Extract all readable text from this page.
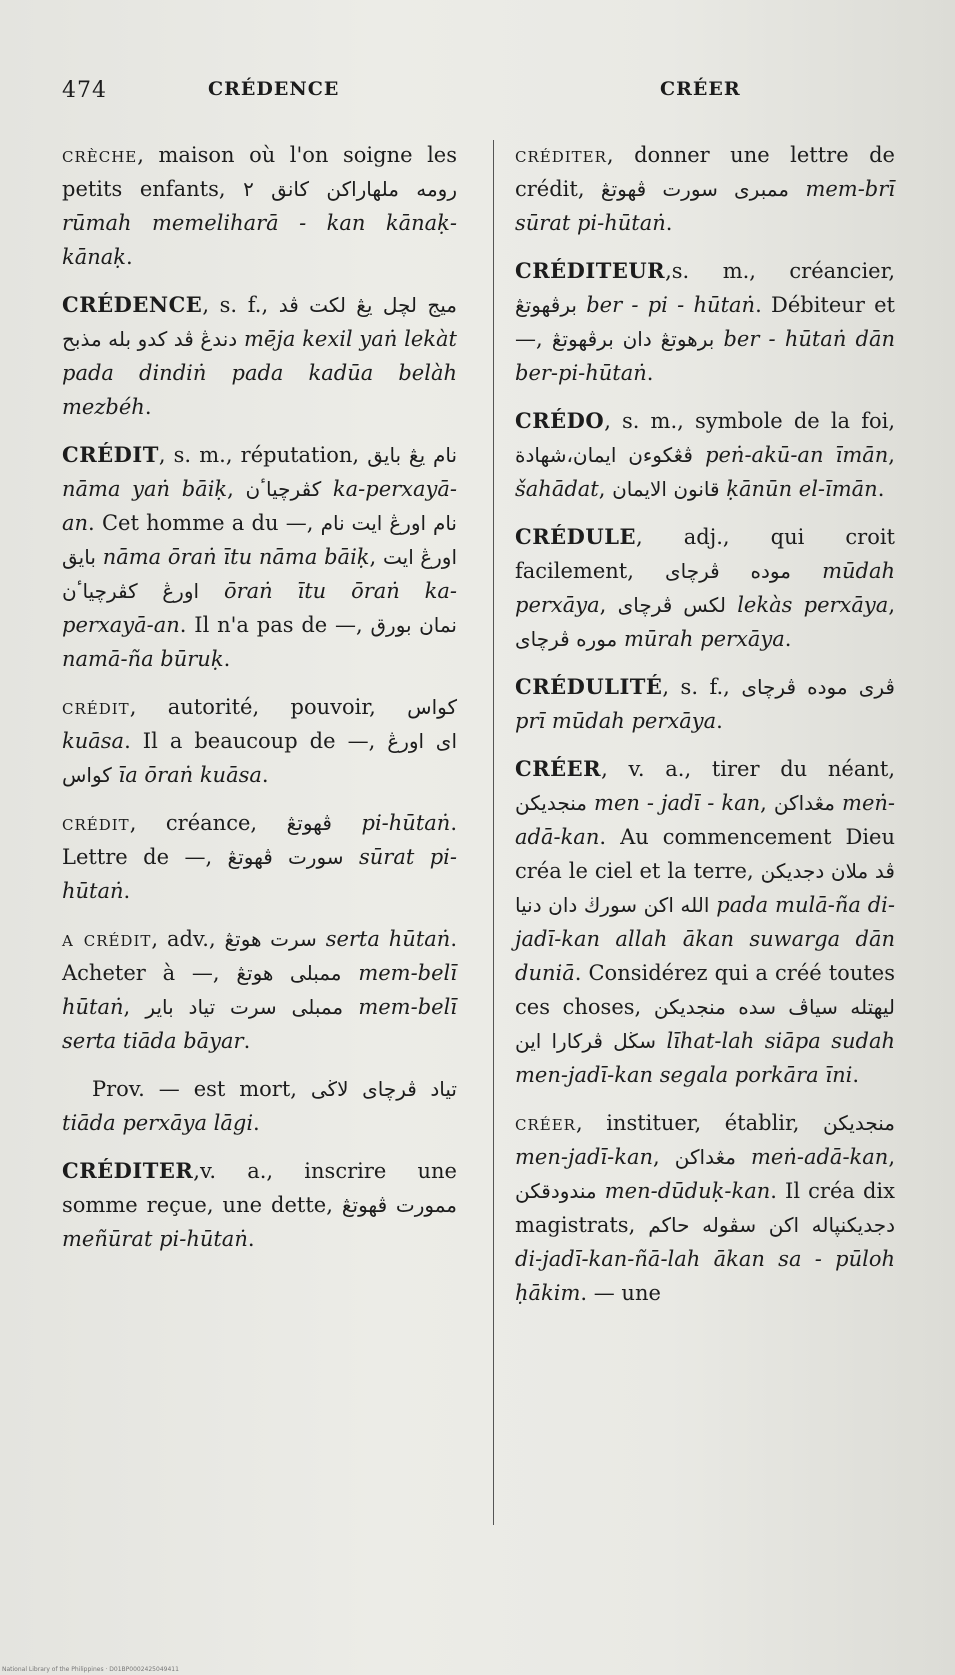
474	CRÉDENCE	CRÉER

crèche, maison où l'on soigne les petits enfants, رومه ملهاراكن كانق ٢ rūmah memeliharā - kan kānaḳ-kānaḳ.

CRÉDENCE, s. f., ميج لچل يڠ لكت ڤد دندڠ ڤد كدو بله مذبح mēja kexil yaṅ lekàt pada dindiṅ pada kadūa belàh mezbéh.

CRÉDIT, s. m., réputation, نام يڠ بايق nāma yaṅ bāiḳ, كڤرچياٴن ka-perxayā-an. Cet homme a du —, نام اورڠ ايت نام بايق nāma ōraṅ ītu nāma bāiḳ, اورڠ ايت اورڠ كڤرچياٴن ōraṅ ītu ōraṅ ka-perxayā-an. Il n'a pas de —, نمان بورق namā-ña būruḳ.

crédit, autorité, pouvoir, كواس kuāsa. Il a beaucoup de —, اى اورڠ كواس īa ōraṅ kuāsa.

crédit, créance, ڤهوتڠ pi-hūtaṅ. Lettre de —, سورت ڤهوتڠ sūrat pi-hūtaṅ.

a crédit, adv., سرت هوتڠ serta hūtaṅ. Acheter à —, ممبلى هوتڠ mem-belī hūtaṅ, ممبلى سرت تياد باير mem-belī serta tiāda bāyar.

Prov. — est mort, تياد ڤرچاى لاڬى tiāda perxāya lāgi.

CRÉDITER,v. a., inscrire une somme reçue, une dette, ممورت ڤهوتڠ meñūrat pi-hūtaṅ.

créditer, donner une lettre de crédit, ممبرى سورت ڤهوتڠ mem-brī sūrat pi-hūtaṅ.

CRÉDITEUR,s. m., créancier, برڤهوتڠ ber - pi - hūtaṅ. Débiteur et —, برهوتڠ دان برڤهوتڠ ber - hūtaṅ dān ber-pi-hūtaṅ.

CRÉDO, s. m., symbole de la foi, ڤڠكوءن ايمان،شهادة peṅ-akū-an īmān, šahādat, قانون الايمان ḳānūn el-īmān.

CRÉDULE, adj., qui croit facilement, موده ڤرچاى mūdah perxāya, لكس ڤرچاى lekàs perxāya, موره ڤرچاى mūrah perxāya.

CRÉDULITÉ, s. f., ڤرى موده ڤرچاى prī mūdah perxāya.

CRÉER, v. a., tirer du néant, منجديكن men - jadī - kan, مڠداكن meṅ-adā-kan. Au commencement Dieu créa le ciel et la terre, ڤد ملان دجديكن الله اكن سورڬ دان دنيا pada mulā-ña di-jadī-kan allah ākan suwarga dān duniā. Considérez qui a créé toutes ces choses, ليهتله سياڤ سده منجديكن سڬل ڤركارا اين līhat-lah siāpa sudah men-jadī-kan segala porkāra īni.

créer, instituer, établir, منجديكن men-jadī-kan, مڠداكن meṅ-adā-kan, مندودقكن men-dūduḳ-kan. Il créa dix magistrats, دجديكنڽاله اكن سڤوله حاكم di-jadī-kan-ñā-lah ākan sa - pūloh ḥākim. — une

National Library of the Philippines · D01BP0002425049411
